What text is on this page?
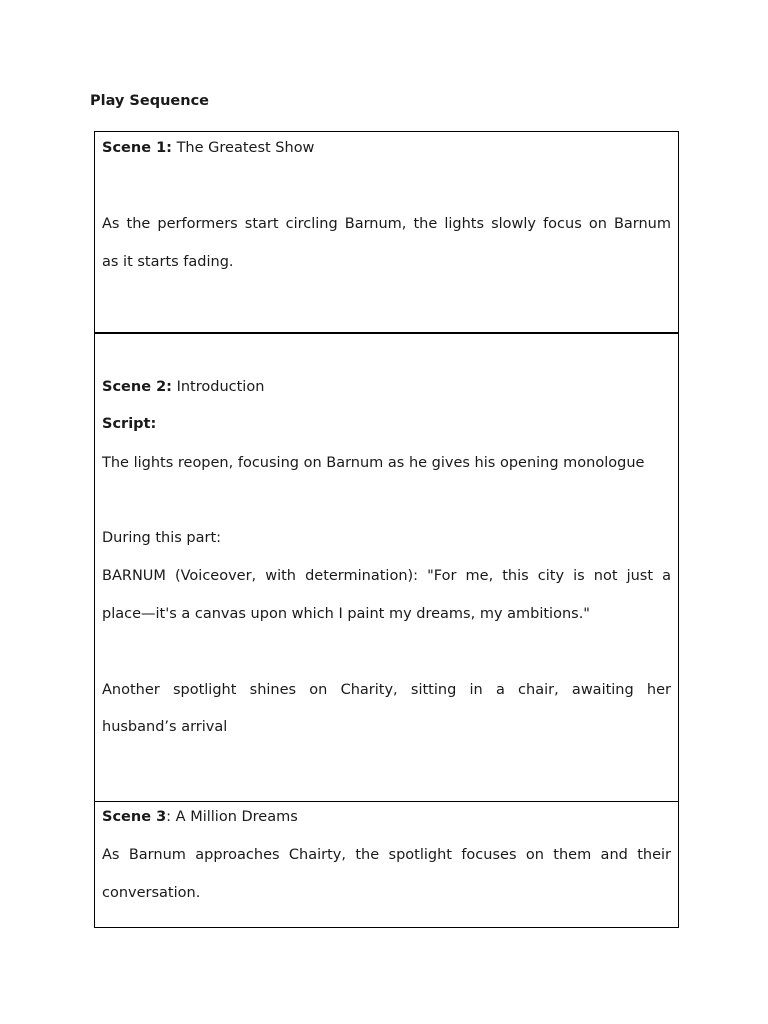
Play Sequence
Scene 1: The Greatest Show
As the performers start circling Barnum, the lights slowly focus on Barnum
as it starts fading.
Scene 2: Introduction
Script:
The lights reopen, focusing on Barnum as he gives his opening monologue
During this part:
BARNUM (Voiceover, with determination): "For me, this city is not just a
place—it's a canvas upon which I paint my dreams, my ambitions."
Another spotlight shines on Charity, sitting in a chair, awaiting her
husband’s arrival
Scene 3: A Million Dreams
As Barnum approaches Chairty, the spotlight focuses on them and their
conversation.
